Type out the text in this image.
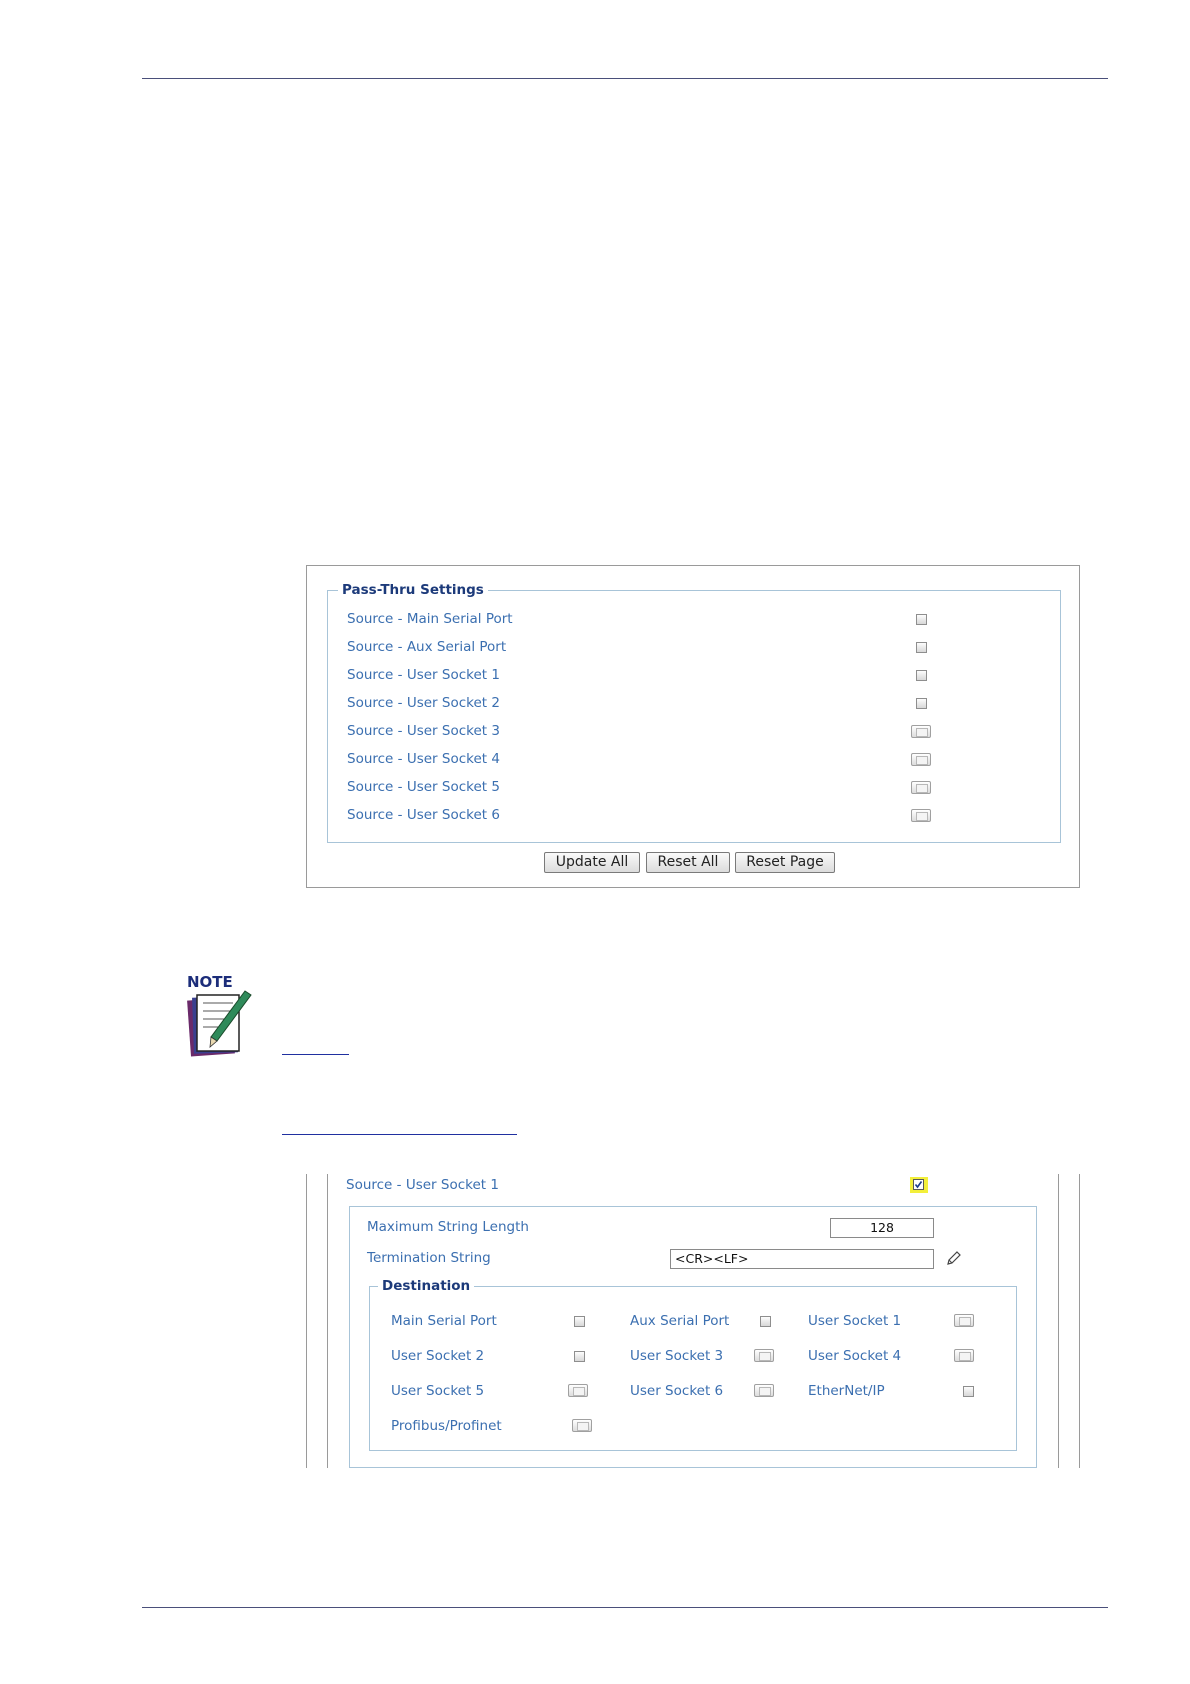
Pass-Thru Settings
Source - Main Serial Port
Source - Aux Serial Port
Source - User Socket 1
Source - User Socket 2
Source - User Socket 3
Source - User Socket 4
Source - User Socket 5
Source - User Socket 6
Update All	Reset All	Reset Page
NOTE
Source - User Socket 1
Maximum String Length	128
Termination String	<CR><LF>
Destination
Main Serial Port	Aux Serial Port	User Socket 1
User Socket 2	User Socket 3	User Socket 4
User Socket 5	User Socket 6	EtherNet/IP
Profibus/Profinet
